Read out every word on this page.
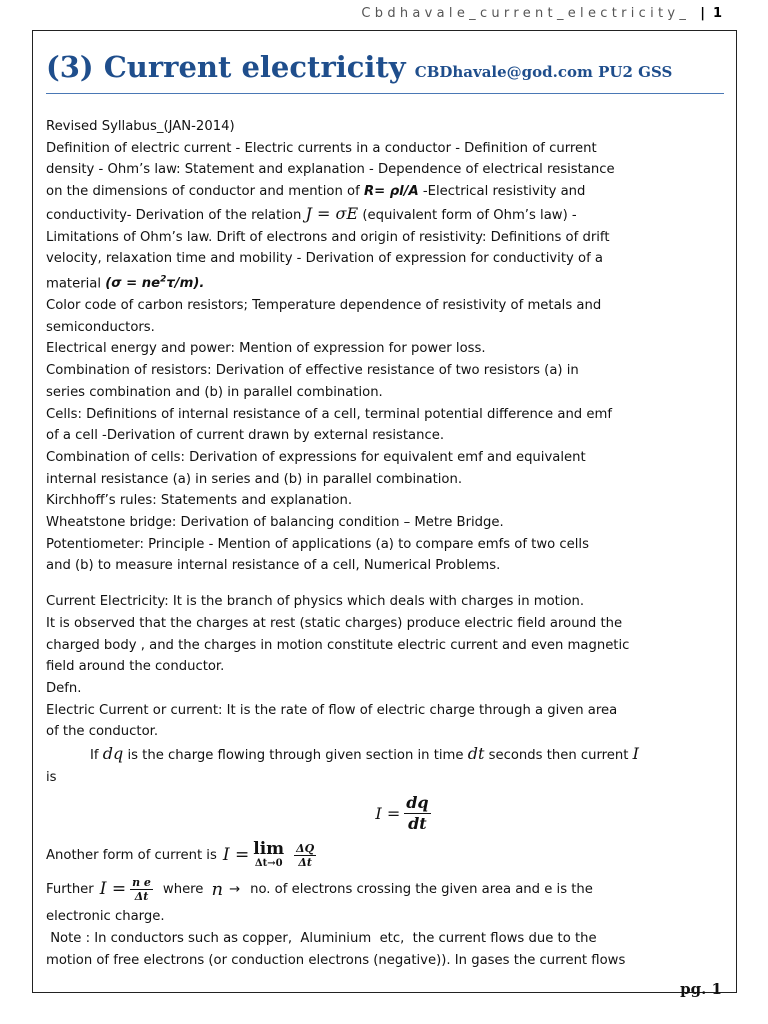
Cbdhavale_current_electricity_ | 1
(3) Current electricity CBDhavale@god.com PU2 GSS

Revised Syllabus_(JAN-2014)

Definition of electric current - Electric currents in a conductor - Definition of current

density - Ohm’s law: Statement and explanation - Dependence of electrical resistance

on the dimensions of conductor and mention of R= ρl/A -Electrical resistivity and

conductivity- Derivation of the relation J = σE (equivalent form of Ohm’s law) -

Limitations of Ohm’s law. Drift of electrons and origin of resistivity: Definitions of drift

velocity, relaxation time and mobility - Derivation of expression for conductivity of a

material $(\sigma = ne^2\tau/m)$.

Color code of carbon resistors; Temperature dependence of resistivity of metals and

semiconductors.

Electrical energy and power: Mention of expression for power loss.

Combination of resistors: Derivation of effective resistance of two resistors (a) in

series combination and (b) in parallel combination.

Cells: Definitions of internal resistance of a cell, terminal potential difference and emf

of a cell -Derivation of current drawn by external resistance.

Combination of cells: Derivation of expressions for equivalent emf and equivalent

internal resistance (a) in series and (b) in parallel combination.

Kirchhoff’s rules: Statements and explanation.

Wheatstone bridge: Derivation of balancing condition – Metre Bridge.

Potentiometer: Principle - Mention of applications (a) to compare emfs of two cells

and (b) to measure internal resistance of a cell, Numerical Problems.

Current Electricity: It is the branch of physics which deals with charges in motion.

It is observed that the charges at rest (static charges) produce electric field around the

charged body , and the charges in motion constitute electric current and even magnetic

field around the conductor.

Defn.

Electric Current or current: It is the rate of flow of electric charge through a given area

of the conductor.

If dq is the charge flowing through given section in time dt seconds then current I

is

$I = \frac{dq}{dt}$

Another form of current is I = lim
$\Delta t\to 0 \frac{\Delta Q}{\Delta t}$

Further $I = \frac{\text{n e}}{\Delta t}$ where n → no. of electrons crossing the given area and e is the

electronic charge.

Note : In conductors such as copper,  Aluminium  etc,  the current flows due to the

motion of free electrons (or conduction electrons (negative)). In gases the current flows

pg. 1
